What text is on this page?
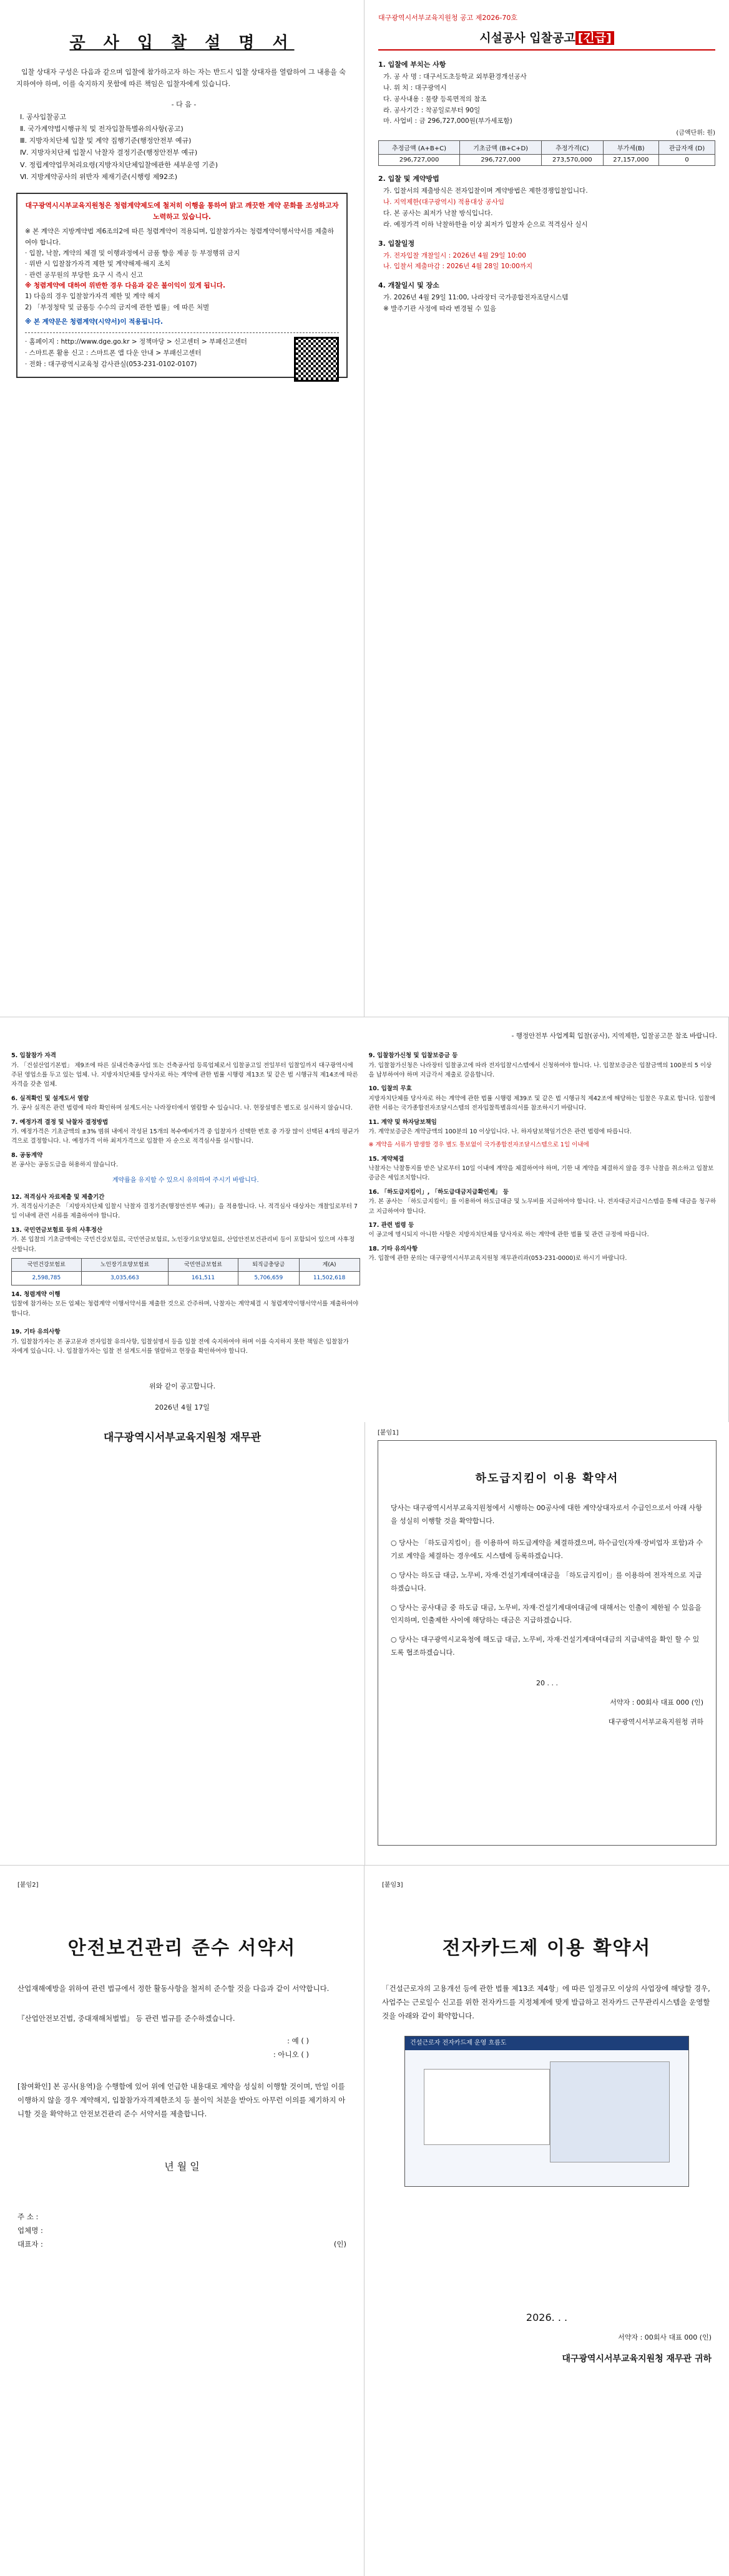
공 사 입 찰 설 명 서
입찰 상대자 구성은 다음과 같으며 입찰에 참가하고자 하는 자는 반드시 입찰 상대자를 열람하여 그 내용을 숙지하여야 하며, 이를 숙지하지 못함에 따른 책임은 입찰자에게 있습니다.
- 다 음 -
Ⅰ. 공사입찰공고
Ⅱ. 국가계약법시행규칙 및 전자입찰특별유의사항(공고)
Ⅲ. 지방자치단체 입찰 및 계약 집행기준(행정안전부 예규)
Ⅳ. 지방자치단체 입찰시 낙찰자 결정기준(행정안전부 예규)
Ⅴ. 정립계약업무처리요령(지방자치단체입찰에관한 세부운영 기준)
Ⅵ. 지방계약공사의 위반자 제재기준(시행령 제92조)
대구광역시시부교육지원청은 청렴계약제도에 철저히 이행을 통하여 맑고 깨끗한 계약 문화를 조성하고자 노력하고 있습니다.
※ 본 계약은 지방계약법 제6조의2에 따른 청렴계약이 적용되며, 입찰참가자는 청렴계약이행서약서를 제출하여야 합니다.
· 입찰, 낙찰, 계약의 체결 및 이행과정에서 금품 향응 제공 등 부정행위 금지
· 위반 시 입찰참가자격 제한 및 계약해제·해지 조치
· 관련 공무원의 부당한 요구 시 즉시 신고
※ 청렴계약에 대하여 위반한 경우 다음과 같은 불이익이 있게 됩니다.
1) 다음의 경우 입찰참가자격 제한 및 계약 해지
2) 「부정청탁 및 금품등 수수의 금지에 관한 법률」에 따른 처벌
※ 본 계약문은 청렴계약(시약서)이 적용됩니다.
· 홈페이지 : http://www.dge.go.kr > 정책마당 > 신고센터 > 부패신고센터
· 스마트폰 활용 신고 : 스마트폰 앱 다운 안내 > 부패신고센터
· 전화 : 대구광역시교육청 감사관실(053-231-0102-0107)
대구광역시서부교육지원청 공고 제2026-70호
시설공사 입찰공고 [긴급]
1. 입찰에 부치는 사항
가. 공 사 명 : 대구서도초등학교 외부환경개선공사
나. 위 치 : 대구광역시
다. 공사내용 : 물량 등록면적의 참조
라. 공사기간 : 착공일로부터 90일
마. 사업비 : 금 296,727,000원(부가세포함)
(금액단위: 원)
추정금액 (A+B+C)	기초금액 (B+C+D)	추정가격(C)	부가세(B)	관급자재 (D)
296,727,000	296,727,000	273,570,000	27,157,000	0
2. 입찰 및 계약방법
가. 입찰서의 제출방식은 전자입찰이며 계약방법은 제한경쟁입찰입니다.
나. 지역제한(대구광역시) 적용대상 공사임
다. 본 공사는 최저가 낙찰 방식입니다.
라. 예정가격 이하 낙찰하한율 이상 최저가 입찰자 순으로 적격심사 실시
3. 입찰일정
가. 전자입찰 개찰일시 : 2026년 4월 29일 10:00
나. 입찰서 제출마감 : 2026년 4월 28일 10:00까지
4. 개찰일시 및 장소
가. 2026년 4월 29일 11:00, 나라장터 국가종합전자조달시스템
※ 발주기관 사정에 따라 변경될 수 있음
- 행정안전부 사업계획 입찰(공사), 지역제한, 입찰공고문 참조 바랍니다.
5. 입찰참가 자격
가. 「건설산업기본법」 제9조에 따른 실내건축공사업 또는 건축공사업 등록업체로서 입찰공고일 전일부터 입찰일까지 대구광역시에 주된 영업소를 두고 있는 업체. 나. 지방자치단체를 당사자로 하는 계약에 관한 법률 시행령 제13조 및 같은 법 시행규칙 제14조에 따른 자격을 갖춘 업체.
6. 실적확인 및 설계도서 열람
가. 공사 실적은 관련 법령에 따라 확인하며 설계도서는 나라장터에서 열람할 수 있습니다. 나. 현장설명은 별도로 실시하지 않습니다.
7. 예정가격 결정 및 낙찰자 결정방법
가. 예정가격은 기초금액의 ±3% 범위 내에서 작성된 15개의 복수예비가격 중 입찰자가 선택한 번호 중 가장 많이 선택된 4개의 평균가격으로 결정합니다. 나. 예정가격 이하 최저가격으로 입찰한 자 순으로 적격심사를 실시합니다.
8. 공동계약
본 공사는 공동도급을 허용하지 않습니다.
계약률을 유지할 수 있으시 유의하여 주시기 바랍니다.
12. 적격심사 자료제출 및 제출기간
가. 적격심사기준은 「지방자치단체 입찰시 낙찰자 결정기준(행정안전부 예규)」을 적용합니다. 나. 적격심사 대상자는 개찰일로부터 7일 이내에 관련 서류를 제출하여야 합니다.
13. 국민연금보험료 등의 사후정산
가. 본 입찰의 기초금액에는 국민건강보험료, 국민연금보험료, 노인장기요양보험료, 산업안전보건관리비 등이 포함되어 있으며 사후정산합니다.
국민건강보험료	노인장기요양보험료	국민연금보험료	퇴직금충당금	계(A)
2,598,785	3,035,663	161,511	5,706,659	11,502,618
14. 청렴계약 이행
입찰에 참가하는 모든 업체는 청렴계약 이행서약서를 제출한 것으로 간주하며, 낙찰자는 계약체결 시 청렴계약이행서약서를 제출하여야 합니다.
9. 입찰참가신청 및 입찰보증금 등
가. 입찰참가신청은 나라장터 입찰공고에 따라 전자입찰시스템에서 신청하여야 합니다. 나. 입찰보증금은 입찰금액의 100분의 5 이상을 납부하여야 하며 지급각서 제출로 갈음합니다.
10. 입찰의 무효
지방자치단체를 당사자로 하는 계약에 관한 법률 시행령 제39조 및 같은 법 시행규칙 제42조에 해당하는 입찰은 무효로 합니다. 입찰에 관한 서류는 국가종합전자조달시스템의 전자입찰특별유의서를 참조하시기 바랍니다.
11. 계약 및 하자담보책임
가. 계약보증금은 계약금액의 100분의 10 이상입니다. 나. 하자담보책임기간은 관련 법령에 따릅니다.
※ 계약을 서류가 발생할 경우 별도 통보없이 국가종합전자조달시스템으로 1일 이내에
15. 계약체결
낙찰자는 낙찰통지를 받은 날로부터 10일 이내에 계약을 체결하여야 하며, 기한 내 계약을 체결하지 않을 경우 낙찰을 취소하고 입찰보증금은 세입조치합니다.
16. 「하도급지킴이」, 「하도급대금지급확인제」 등
가. 본 공사는 「하도급지킴이」를 이용하여 하도급대금 및 노무비를 지급하여야 합니다. 나. 전자대금지급시스템을 통해 대금을 청구하고 지급하여야 합니다.
17. 관련 법령 등
이 공고에 명시되지 아니한 사항은 지방자치단체를 당사자로 하는 계약에 관한 법률 및 관련 규정에 따릅니다.
18. 기타 유의사항
가. 입찰에 관한 문의는 대구광역시서부교육지원청 재무관리과(053-231-0000)로 하시기 바랍니다.
19. 기타 유의사항
가. 입찰참가자는 본 공고문과 전자입찰 유의사항, 입찰설명서 등을 입찰 전에 숙지하여야 하며 이를 숙지하지 못한 책임은 입찰참가자에게 있습니다. 나. 입찰참가자는 입찰 전 설계도서를 열람하고 현장을 확인하여야 합니다.
위와 같이 공고합니다.
2026년 4월 17일
대구광역시서부교육지원청 재무관	[붙임1]
하도급지킴이 이용 확약서
당사는 대구광역시서부교육지원청에서 시행하는 00공사에 대한 계약상대자로서 수급인으로서 아래 사항을 성실히 이행할 것을 확약합니다.
○ 당사는 「하도급지킴이」를 이용하여 하도급계약을 체결하겠으며, 하수급인(자재·장비업자 포함)과 수기로 계약을 체결하는 경우에도 시스템에 등록하겠습니다.
○ 당사는 하도급 대금, 노무비, 자재·건설기계대여대금을 「하도급지킴이」를 이용하여 전자적으로 지급하겠습니다.
○ 당사는 공사대금 중 하도급 대금, 노무비, 자재·건설기계대여대금에 대해서는 인출이 제한될 수 있음을 인지하며, 인출제한 사이에 해당하는 대금은 지급하겠습니다.
○ 당사는 대구광역시교육청에 해도급 대금, 노무비, 자재·건설기계대여대금의 지급내역을 확인 할 수 있도록 협조하겠습니다.
20 . . .
서약자 : 00회사 대표 000 (인)
대구광역시서부교육지원청 귀하
[붙임2]
안전보건관리 준수 서약서
산업재해예방을 위하여 관련 법규에서 정한 활동사항을 철저히 준수할 것을 다음과 같이 서약합니다.
『산업안전보건법, 중대재해처벌법』 등 관련 법규를 준수하겠습니다.
: 예 ( )
: 아니오 ( )
[참여확인] 본 공사(용역)을 수행함에 있어 위에 언급한 내용대로 계약을 성실히 이행할 것이며, 만일 이를 이행하지 않을 경우 계약해지, 입찰참가자격제한조치 등 불이익 처분을 받아도 아무런 이의를 제기하지 아니할 것을 확약하고 안전보건관리 준수 서약서를 제출합니다.
년 월 일
주 소 :
업체명 :
대표자 :	(인)
[붙임3]
전자카드제 이용 확약서
「건설근로자의 고용개선 등에 관한 법률 제13조 제4항」에 따른 일정규모 이상의 사업장에 해당할 경우, 사업주는 근로일수 신고를 위한 전자카드를 지정체계에 맞게 발급하고 전자카드 근무관리시스템을 운영할 것을 아래와 같이 확약합니다.
건설근로자 전자카드제 운영 흐름도
2026. . .
서약자 : 00회사 대표 000 (인)
대구광역시서부교육지원청 재무관 귀하
